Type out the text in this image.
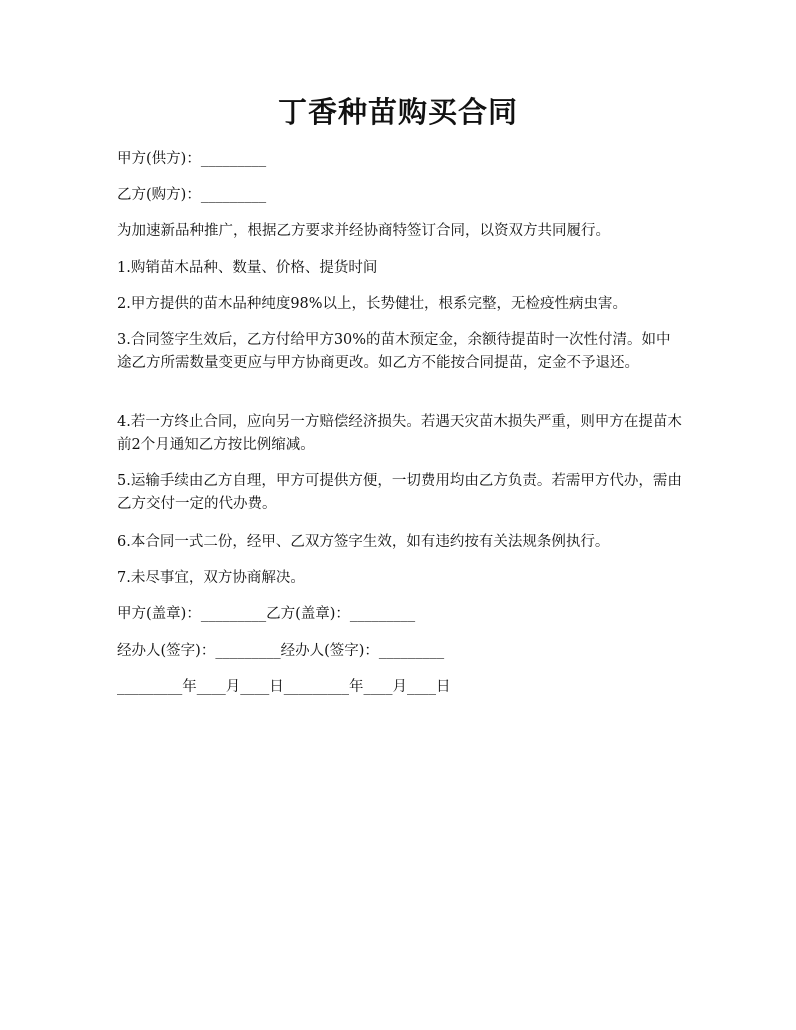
丁香种苗购买合同
甲方(供方)：_________
乙方(购方)：_________
为加速新品种推广，根据乙方要求并经协商特签订合同，以资双方共同履行。
1.购销苗木品种、数量、价格、提货时间
2.甲方提供的苗木品种纯度98%以上，长势健壮，根系完整，无检疫性病虫害。
3.合同签字生效后，乙方付给甲方30%的苗木预定金，余额待提苗时一次性付清。如中途乙方所需数量变更应与甲方协商更改。如乙方不能按合同提苗，定金不予退还。
4.若一方终止合同，应向另一方赔偿经济损失。若遇天灾苗木损失严重，则甲方在提苗木前2个月通知乙方按比例缩减。
5.运输手续由乙方自理，甲方可提供方便，一切费用均由乙方负责。若需甲方代办，需由乙方交付一定的代办费。
6.本合同一式二份，经甲、乙双方签字生效，如有违约按有关法规条例执行。
7.未尽事宜，双方协商解决。
甲方(盖章)：_________乙方(盖章)：_________
经办人(签字)：_________经办人(签字)：_________
_________年____月____日_________年____月____日
